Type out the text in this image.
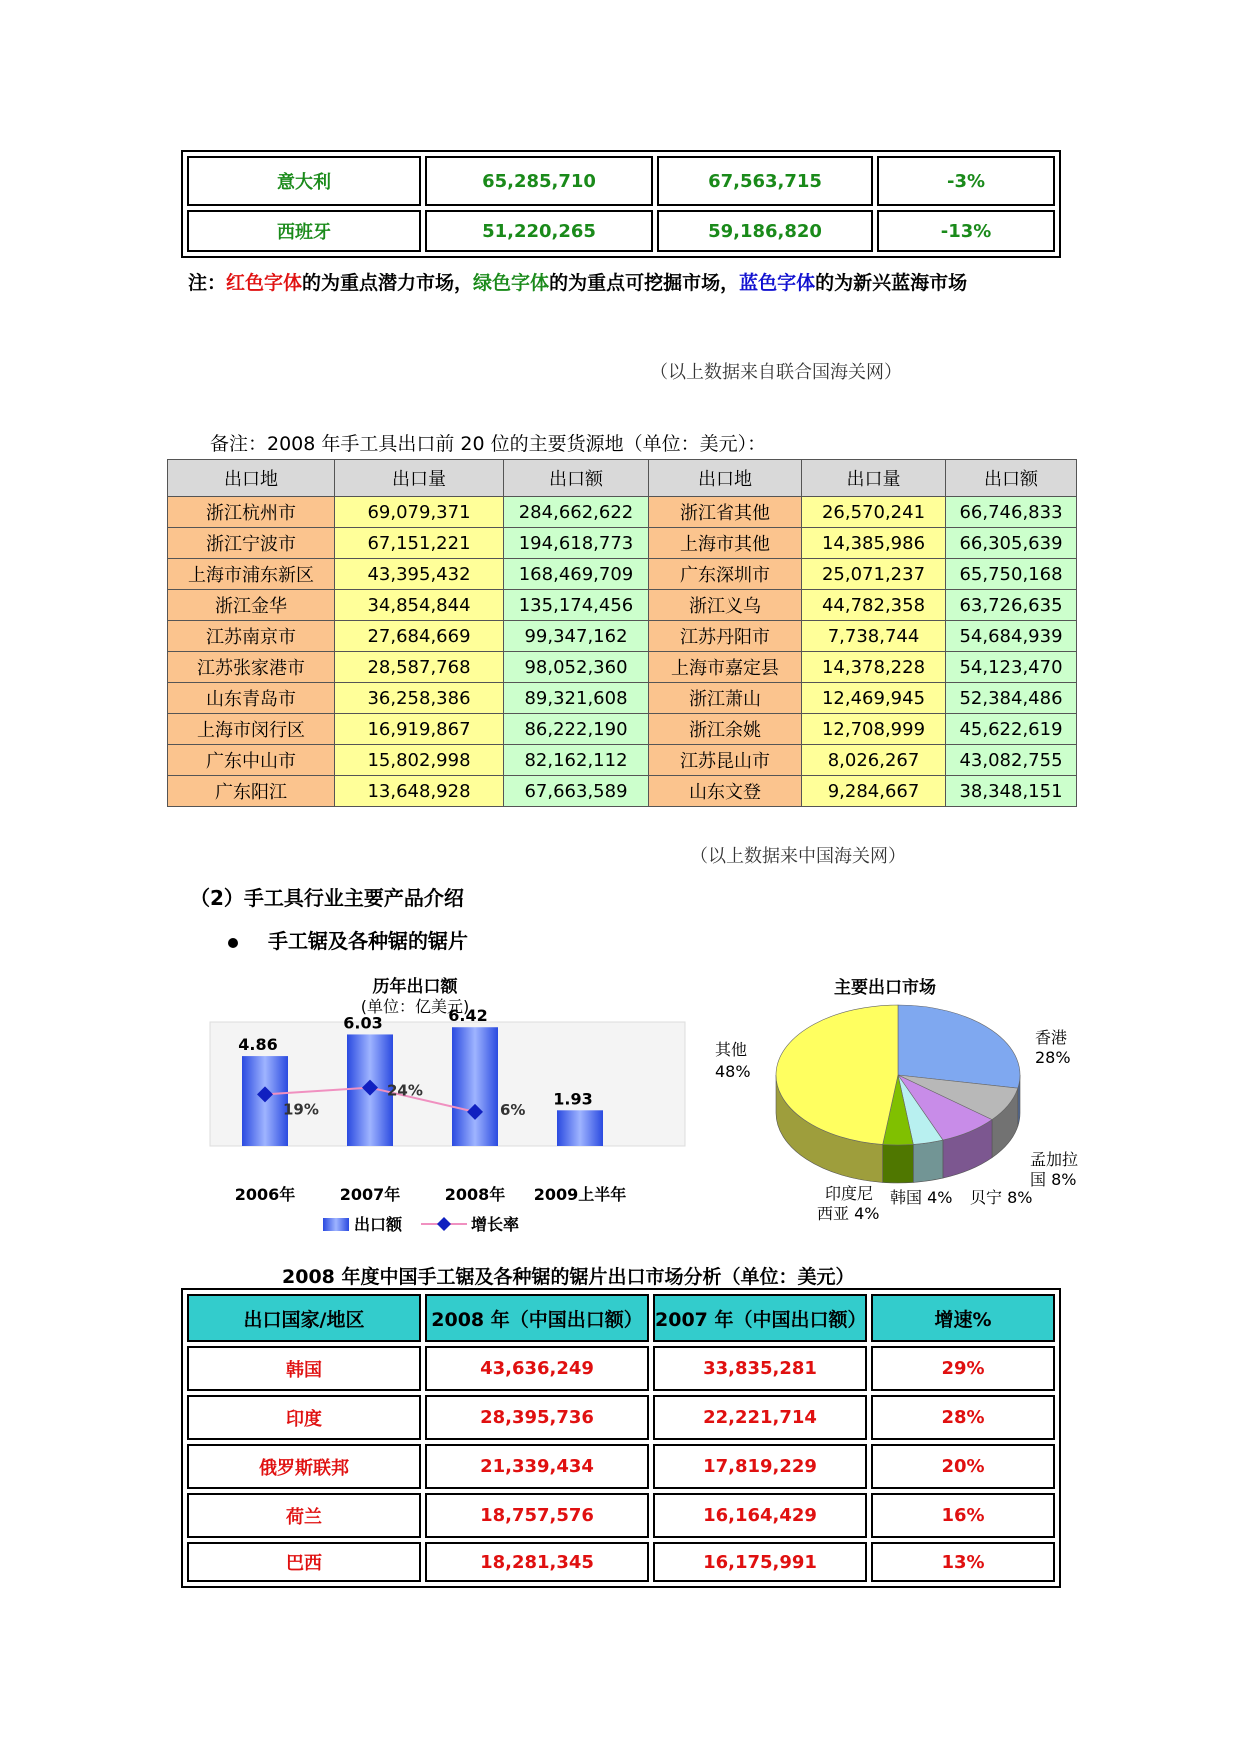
意大利	65,285,710	67,563,715	-3%
西班牙	51,220,265	59,186,820	-13%
注：红色字体的为重点潜力市场，绿色字体的为重点可挖掘市场，蓝色字体的为新兴蓝海市场
（以上数据来自联合国海关网）
备注：2008 年手工具出口前 20 位的主要货源地（单位：美元）：
出口地	出口量	出口额	出口地	出口量	出口额
浙江杭州市	69,079,371	284,662,622	浙江省其他	26,570,241	66,746,833
浙江宁波市	67,151,221	194,618,773	上海市其他	14,385,986	66,305,639
上海市浦东新区	43,395,432	168,469,709	广东深圳市	25,071,237	65,750,168
浙江金华	34,854,844	135,174,456	浙江义乌	44,782,358	63,726,635
江苏南京市	27,684,669	99,347,162	江苏丹阳市	7,738,744	54,684,939
江苏张家港市	28,587,768	98,052,360	上海市嘉定县	14,378,228	54,123,470
山东青岛市	36,258,386	89,321,608	浙江萧山	12,469,945	52,384,486
上海市闵行区	16,919,867	86,222,190	浙江余姚	12,708,999	45,622,619
广东中山市	15,802,998	82,162,112	江苏昆山市	8,026,267	43,082,755
广东阳江	13,648,928	67,663,589	山东文登	9,284,667	38,348,151
（以上数据来中国海关网）
（2）手工具行业主要产品介绍
手工锯及各种锯的锯片
历年出口额
(单位：亿美元)
4.86
2006年
6.03
2007年
6.42
2008年
1.93
2009上半年
19%
24%
6%
出口额	增长率
主要出口市场
香港
28%
孟加拉
国 8%
贝宁 8%
韩国 4%
印度尼
西亚 4%
其他
48%
2008 年度中国手工锯及各种锯的锯片出口市场分析（单位：美元）
出口国家/地区	2008 年（中国出口额）	2007 年（中国出口额）	增速%
韩国	43,636,249	33,835,281	29%
印度	28,395,736	22,221,714	28%
俄罗斯联邦	21,339,434	17,819,229	20%
荷兰	18,757,576	16,164,429	16%
巴西	18,281,345	16,175,991	13%
